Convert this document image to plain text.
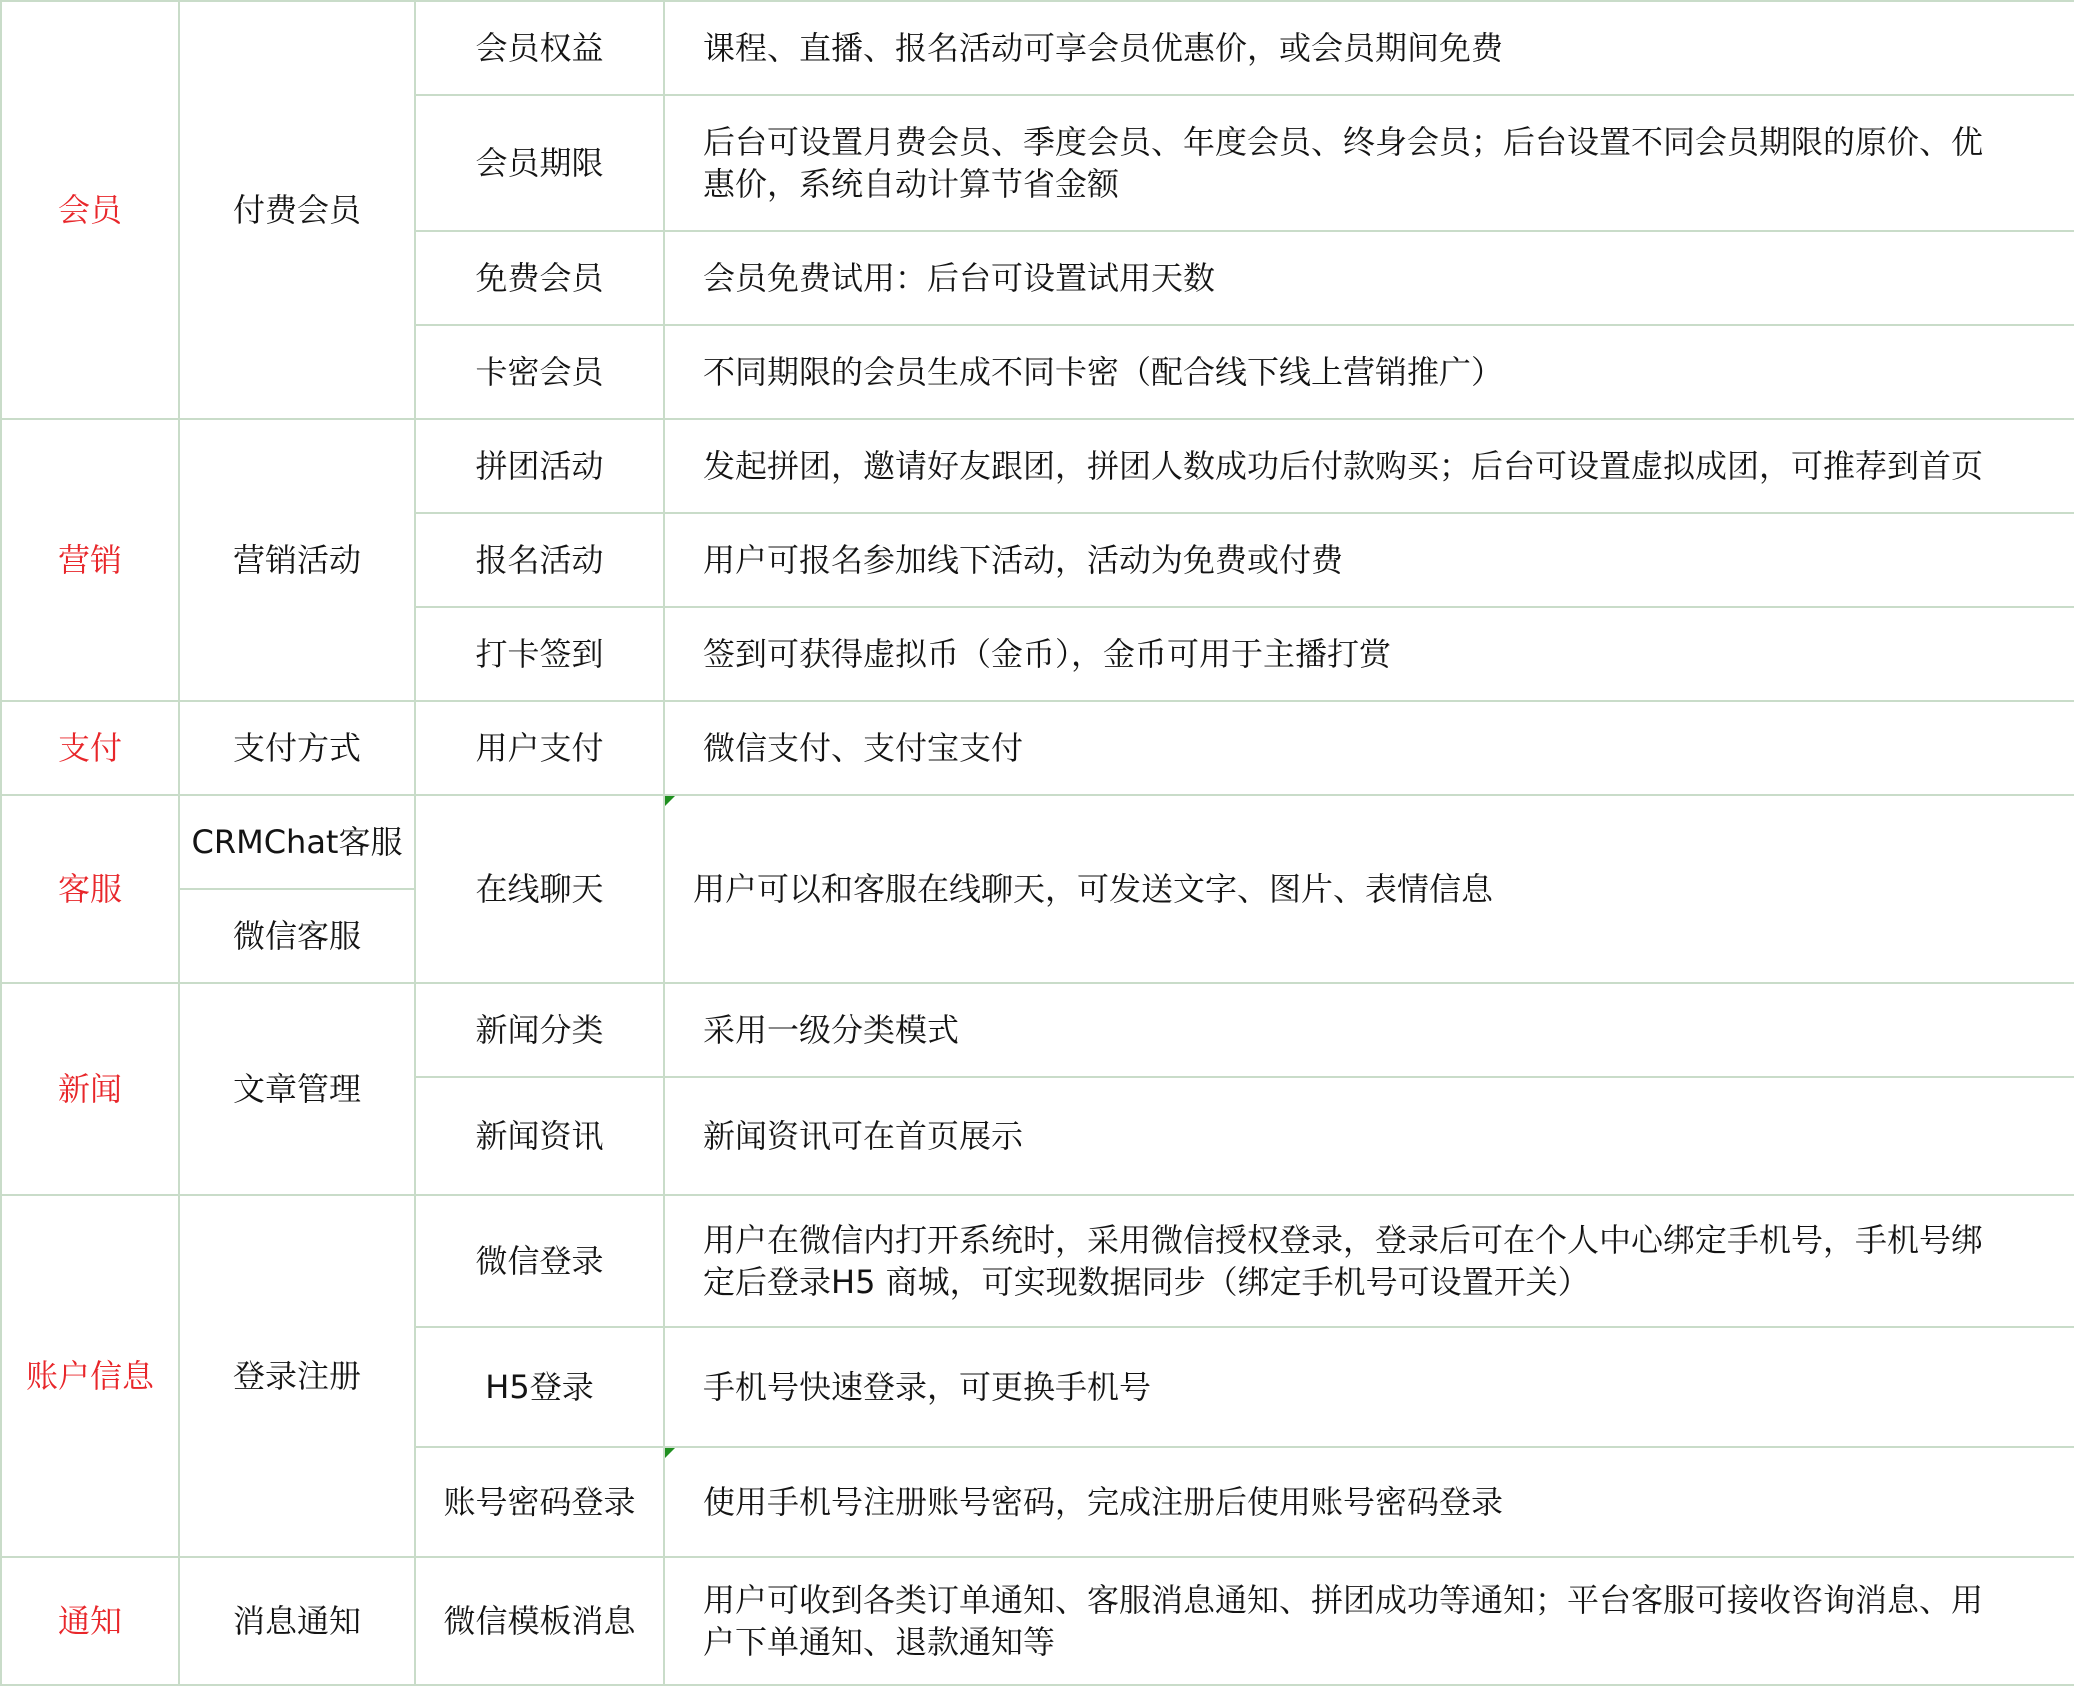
会员	付费会员	会员权益	课程、直播、报名活动可享会员优惠价，或会员期间免费
		会员期限	后台可设置月费会员、季度会员、年度会员、终身会员；后台设置不同会员期限的原价、优
惠价，系统自动计算节省金额
		免费会员	会员免费试用：后台可设置试用天数
		卡密会员	不同期限的会员生成不同卡密（配合线下线上营销推广）
营销	营销活动	拼团活动	发起拼团，邀请好友跟团，拼团人数成功后付款购买；后台可设置虚拟成团，可推荐到首页
		报名活动	用户可报名参加线下活动，活动为免费或付费
		打卡签到	签到可获得虚拟币（金币），金币可用于主播打赏
支付	支付方式	用户支付	微信支付、支付宝支付
客服	CRMChat客服	在线聊天	用户可以和客服在线聊天，可发送文字、图片、表情信息
	微信客服		
新闻	文章管理	新闻分类	采用一级分类模式
		新闻资讯	新闻资讯可在首页展示
账户信息	登录注册	微信登录	用户在微信内打开系统时，采用微信授权登录，登录后可在个人中心绑定手机号，手机号绑
定后登录H5 商城，可实现数据同步（绑定手机号可设置开关）
		H5登录	手机号快速登录，可更换手机号
		账号密码登录	使用手机号注册账号密码，完成注册后使用账号密码登录
通知	消息通知	微信模板消息	用户可收到各类订单通知、客服消息通知、拼团成功等通知；平台客服可接收咨询消息、用
户下单通知、退款通知等
